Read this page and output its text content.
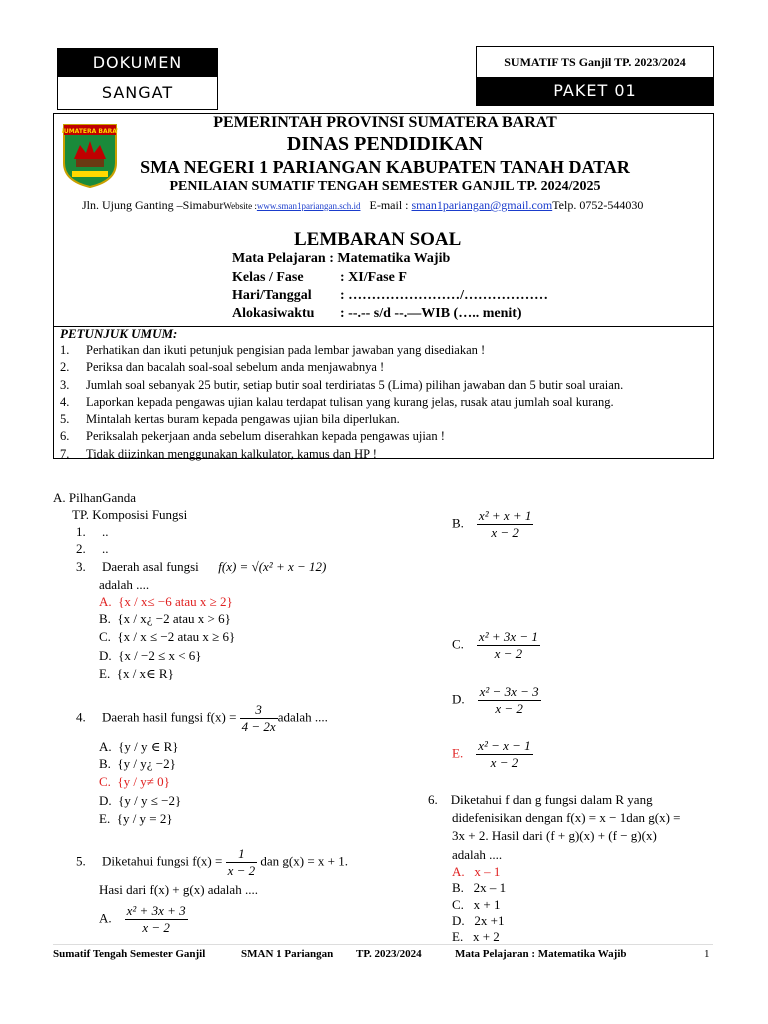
DOKUMEN
SANGAT
SUMATIF TS Ganjil TP. 2023/2024
PAKET 01
SUMATERA BARAT
PEMERINTAH PROVINSI SUMATERA BARAT
DINAS PENDIDIKAN
SMA NEGERI 1 PARIANGAN KABUPATEN TANAH DATAR
PENILAIAN SUMATIF TENGAH SEMESTER GANJIL TP. 2024/2025
Jln. Ujung Ganting –SimaburWebsite :www.sman1pariangan.sch.id E-mail : sman1pariangan@gmail.comTelp. 0752-544030
LEMBARAN SOAL
Mata Pelajaran : Matematika Wajib
Kelas / Fase	: XI/Fase F
Hari/Tanggal : ……………………/………………
Alokasiwaktu : --.-- s/d --.—WIB (….. menit)
PETUNJUK UMUM:
1. Perhatikan dan ikuti petunjuk pengisian pada lembar jawaban yang disediakan !
2. Periksa dan bacalah soal-soal sebelum anda menjawabnya !
3. Jumlah soal sebanyak 25 butir, setiap butir soal terdiriatas 5 (Lima) pilihan jawaban dan 5 butir soal uraian.
4. Laporkan kepada pengawas ujian kalau terdapat tulisan yang kurang jelas, rusak atau jumlah soal kurang.
5. Mintalah kertas buram kepada pengawas ujian bila diperlukan.
6. Periksalah pekerjaan anda sebelum diserahkan kepada pengawas ujian !
7. Tidak diizinkan menggunakan kalkulator, kamus dan HP !
A. PilhanGanda
TP. Komposisi Fungsi
1.     ..
2.     ..
3.     Daerah asal fungsi f(x) = √(x² + x − 12)
adalah ....
A. {x / x≤ −6 atau x ≥ 2}
B. {x / x¿ −2 atau x > 6}
C. {x / x ≤ −2 atau x ≥ 6}
D. {x / −2 ≤ x < 6}
E. {x / x∈ R}
4.     Daerah hasil fungsi $f(x) = \frac{3}{4 - 2x}$ adalah ....
A. {y / y ∈ R}
B. {y / y¿ −2}
C. {y / y≠ 0}
D. {y / y ≤ −2}
E. {y / y = 2}
5.     Diketahui fungsi $f(x) = \frac{1}{x - 2}$ dan g(x) = x + 1.
Hasi dari f(x) + g(x) adalah ....
A. $\frac{\text{x² + 3x + 3}}{x - 2}$
B. $\frac{\text{x² + x + 1}}{x - 2}$
C. $\frac{\text{x² + 3x − 1}}{x - 2}$
D. $\frac{\text{x² − 3x − 3}}{x - 2}$
E. $\frac{\text{x² − x − 1}}{x - 2}$
6.    Diketahui f dan g fungsi dalam R yang
didefenisikan dengan f(x) = x − 1dan g(x) =
3x + 2. Hasil dari (f + g)(x) + (f − g)(x)
adalah ....
A. x – 1
B. 2x – 1
C. x + 1
D. 2x +1
E. x + 2
Sumatif Tengah Semester Ganjil	SMAN 1 Pariangan TP. 2023/2024	Mata Pelajaran : Matematika Wajib	1
